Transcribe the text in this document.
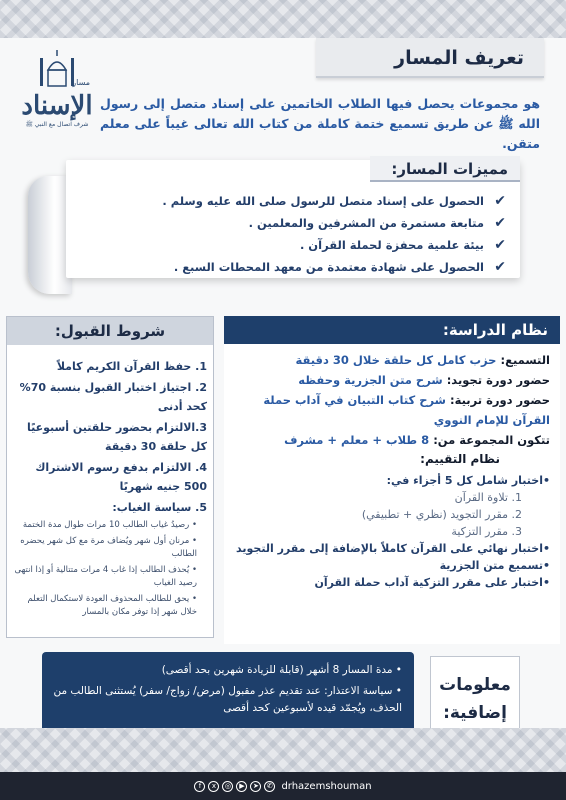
مسار
الإسناد
شرف اتصال مع النبي ﷺ
تعريف المسار
هو مجموعات يحصل فيها الطلاب الخاتمين على إسناد متصل إلى رسول الله ﷺ عن طريق تسميع ختمة كاملة من كتاب الله تعالى غيباً على معلم متقن.
مميزات المسار:
✔
الحصول على إسناد متصل للرسول صلى الله عليه وسلم .
✔
متابعة مستمرة من المشرفين والمعلمين .
✔
بيئة علمية محفزة لحملة القرآن .
✔
الحصول على شهادة معتمدة من معهد المحطات السبع .
شروط القبول:
1. حفظ القرآن الكريم كاملاً
2. اجتياز اختبار القبول بنسبة 70% كحد أدنى
3.الالتزام بحضور حلقتين أسبوعيًا كل حلقة 30 دقيقة
4. الالتزام بدفع رسوم الاشتراك 500 جنيه شهريًا
5. سياسة الغياب:
• رصيدُ غياب الطالب 10 مرات طوال مدة الختمة
• مرنان أول شهر ويُضاف مرة مع كل شهر يحضره الطالب
• يُحذف الطالب إذا غاب 4 مرات متتالية أو إذا انتهى رصيد الغياب
• يحق للطالب المحذوف العودة لاستكمال التعلم خلال شهر إذا توفر مكان بالمسار
نظام الدراسة:
التسميع: حزب كامل كل حلقة خلال 30 دقيقة
حضور دورة تجويد: شرح متن الجزرية وحفظه
حضور دورة تربية: شرح كتاب التبيان في آداب حملة القرآن للإمام النووي
تتكون المجموعة من: 8 طلاب + معلم + مشرف
نظام التقييم:
•اختبار شامل كل 5 أجزاء في:
1. تلاوة القرآن
2. مقرر التجويد (نظري + تطبيقي)
3. مقرر التزكية
•اختبار نهائي على القرآن كاملاً بالإضافة إلى مقرر التجويد
•تسميع متن الجزرية
•اختبار على مقرر التزكية آداب حملة القرآن
معلومات
إضافية:
• مدة المسار 8 أشهر (قابلة للزيادة شهرين بحد أقصى)
• سياسة الاعتذار: عند تقديم عذر مقبول (مرض/ زواج/ سفر) يُستثنى الطالب من الحذف، ويُجمّد قيده لأسبوعين كحد أقصى
f	x	◎	▶	➤	✆ drhazemshouman
